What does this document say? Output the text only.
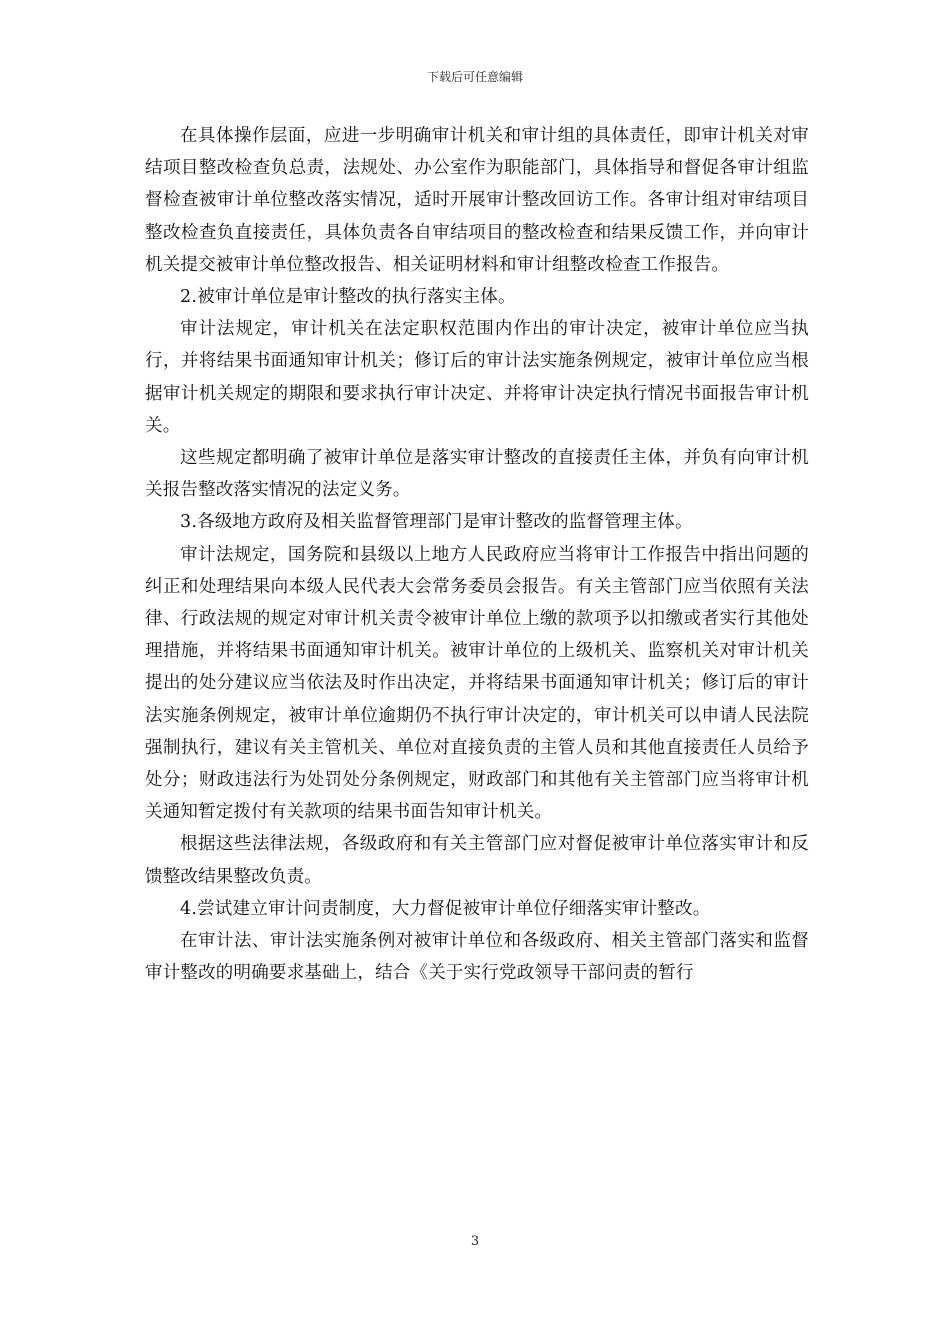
下载后可任意编辑

在具体操作层面，应进一步明确审计机关和审计组的具体责任，即审计机关对审结项目整改检查负总责，法规处、办公室作为职能部门，具体指导和督促各审计组监督检查被审计单位整改落实情况，适时开展审计整改回访工作。各审计组对审结项目整改检查负直接责任，具体负责各自审结项目的整改检查和结果反馈工作，并向审计机关提交被审计单位整改报告、相关证明材料和审计组整改检查工作报告。

2.被审计单位是审计整改的执行落实主体。

审计法规定，审计机关在法定职权范围内作出的审计决定，被审计单位应当执行，并将结果书面通知审计机关；修订后的审计法实施条例规定，被审计单位应当根据审计机关规定的期限和要求执行审计决定、并将审计决定执行情况书面报告审计机关。

这些规定都明确了被审计单位是落实审计整改的直接责任主体，并负有向审计机关报告整改落实情况的法定义务。

3.各级地方政府及相关监督管理部门是审计整改的监督管理主体。

审计法规定，国务院和县级以上地方人民政府应当将审计工作报告中指出问题的纠正和处理结果向本级人民代表大会常务委员会报告。有关主管部门应当依照有关法律、行政法规的规定对审计机关责令被审计单位上缴的款项予以扣缴或者实行其他处理措施，并将结果书面通知审计机关。被审计单位的上级机关、监察机关对审计机关提出的处分建议应当依法及时作出决定，并将结果书面通知审计机关；修订后的审计法实施条例规定，被审计单位逾期仍不执行审计决定的，审计机关可以申请人民法院强制执行，建议有关主管机关、单位对直接负责的主管人员和其他直接责任人员给予处分；财政违法行为处罚处分条例规定，财政部门和其他有关主管部门应当将审计机关通知暂定拨付有关款项的结果书面告知审计机关。

根据这些法律法规，各级政府和有关主管部门应对督促被审计单位落实审计和反馈整改结果整改负责。

4.尝试建立审计问责制度，大力督促被审计单位仔细落实审计整改。

在审计法、审计法实施条例对被审计单位和各级政府、相关主管部门落实和监督审计整改的明确要求基础上，结合《关于实行党政领导干部问责的暂行

3
